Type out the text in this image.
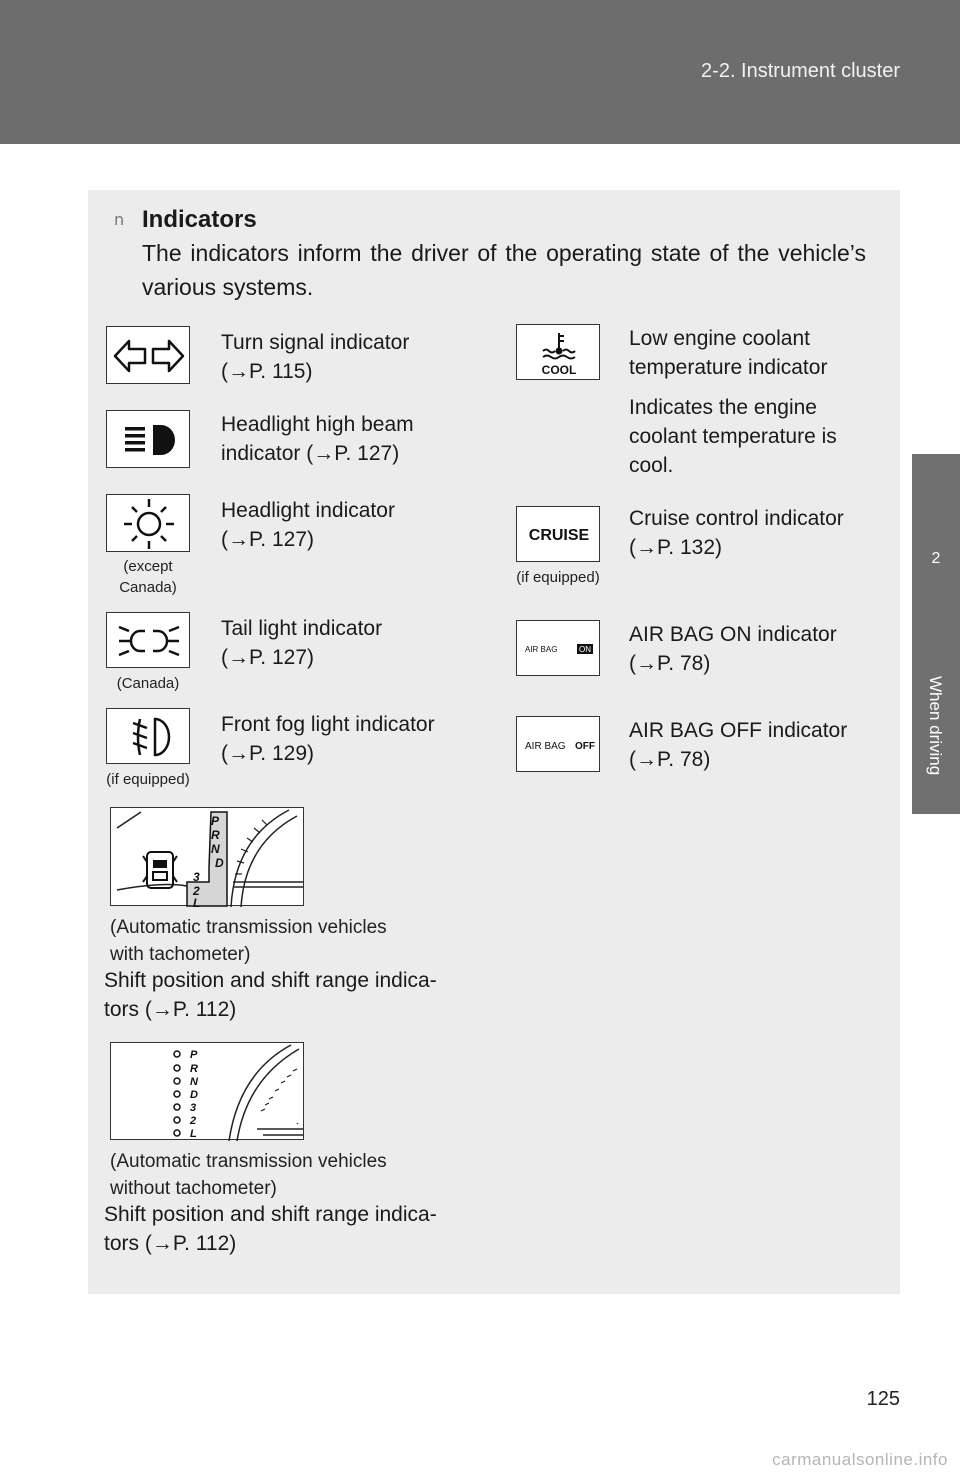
2-2. Instrument cluster
2
When driving
n Indicators
The indicators inform the driver of the operating state of the vehicle’s various systems.
Turn signal indicator
(→P. 115)
Headlight high beam
indicator (→P. 127)
(except
Canada)
Headlight indicator
(→P. 127)
(Canada)
Tail light indicator
(→P. 127)
(if equipped)
Front fog light indicator
(→P. 129)
COOL
Low engine coolant
temperature indicator
Indicates the engine
coolant temperature is
cool.
CRUISE
(if equipped)
Cruise control indicator
(→P. 132)
AIR BAG	ON
AIR BAG ON indicator
(→P. 78)
AIR BAG OFF
AIR BAG OFF indicator
(→P. 78)
P
R
N
D
3
2
L
(Automatic transmission vehicles
with tachometer)
Shift position and shift range indica-
tors (→P. 112)
P
R
N
D
3
2
L
(Automatic transmission vehicles
without tachometer)
Shift position and shift range indica-
tors (→P. 112)
125
carmanualsonline.info
